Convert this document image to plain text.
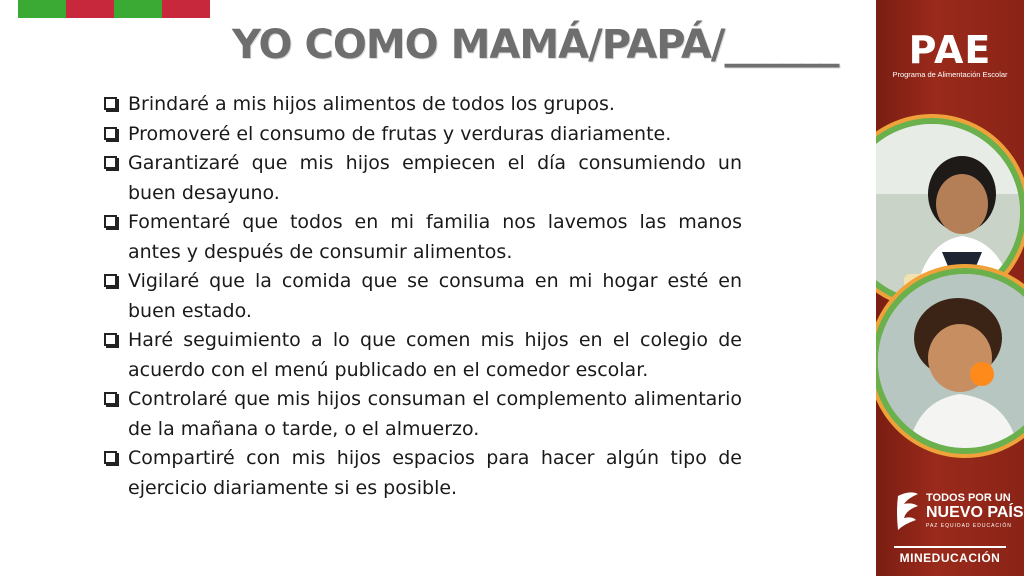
YO COMO MAMÁ/PAPÁ/______
Brindaré a mis hijos alimentos de todos los grupos.
Promoveré el consumo de frutas y verduras diariamente.
Garantizaré que mis hijos empiecen el día consumiendo un buen desayuno.
Fomentaré que todos en mi familia nos lavemos las manos antes y después de consumir alimentos.
Vigilaré que la comida que se consuma en mi hogar esté en buen estado.
Haré seguimiento a lo que comen mis hijos en el colegio de acuerdo con el menú publicado en el comedor escolar.
Controlaré que mis hijos consuman el complemento alimentario de la mañana o tarde, o el almuerzo.
Compartiré con mis hijos espacios para hacer algún tipo de ejercicio diariamente si es posible.
PAE
Programa de Alimentación Escolar
TODOS POR UN
NUEVO PAÍS
PAZ EQUIDAD EDUCACIÓN
MINEDUCACIÓN
